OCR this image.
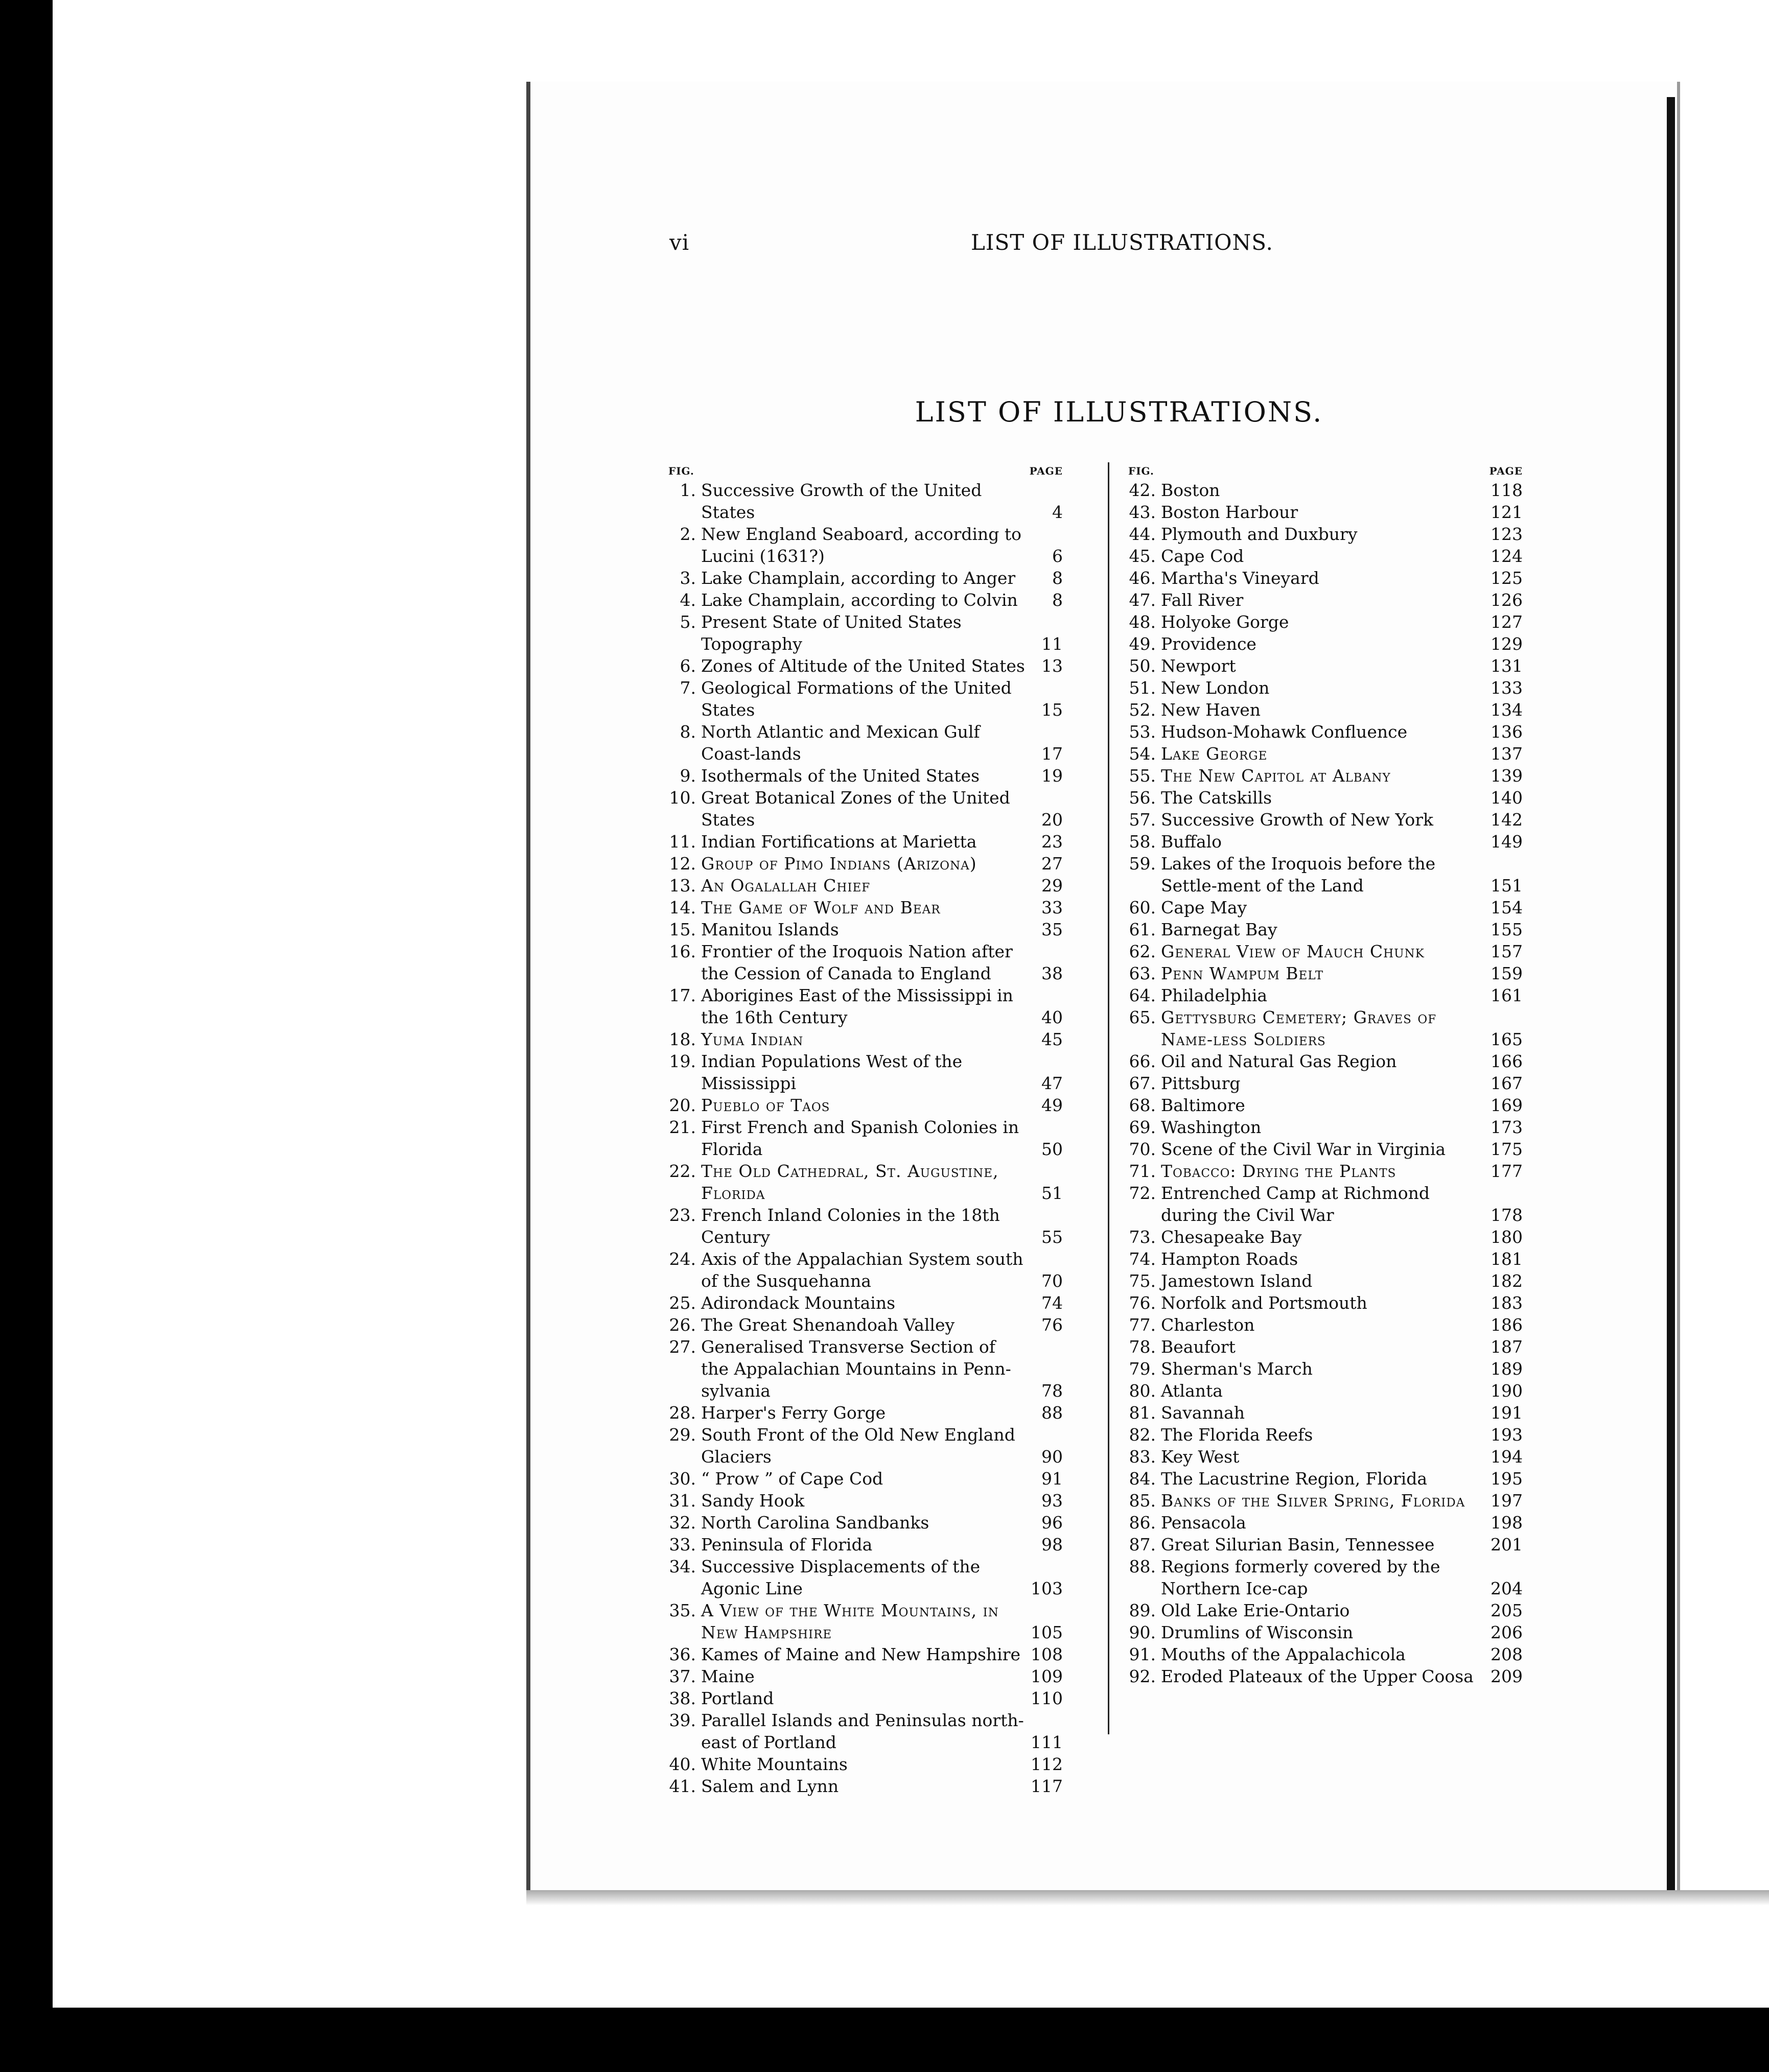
vi	LIST OF ILLUSTRATIONS.
LIST OF ILLUSTRATIONS.
FIG.	PAGE
1. Successive Growth of the United States	4
2. New England Seaboard, according to Lucini (1631?)	6
3. Lake Champlain, according to Anger	8
4. Lake Champlain, according to Colvin	8
5. Present State of United States Topography	11
6. Zones of Altitude of the United States 13
7. Geological Formations of the United States	15
8. North Atlantic and Mexican Gulf Coast-lands	17
9. Isothermals of the United States	19
10. Great Botanical Zones of the United States	20
11. Indian Fortifications at Marietta	23
12. Group of Pimo Indians (Arizona)	27
13. An Ogalallah Chief	29
14. The Game of Wolf and Bear	33
15. Manitou Islands	35
16. Frontier of the Iroquois Nation after the Cession of Canada to England	38
17. Aborigines East of the Mississippi in the 16th Century	40
18. Yuma Indian	45
19. Indian Populations West of the Mississippi	47
20. Pueblo of Taos	49
21. First French and Spanish Colonies in Florida	50
22. The Old Cathedral, St. Augustine, Florida	51
23. French Inland Colonies in the 18th Century	55
24. Axis of the Appalachian System south of the Susquehanna	70
25. Adirondack Mountains	74
26. The Great Shenandoah Valley	76
27. Generalised Transverse Section of the Appalachian Mountains in Penn-sylvania	78
28. Harper's Ferry Gorge	88
29. South Front of the Old New England Glaciers	90
30. “ Prow ” of Cape Cod	91
31. Sandy Hook	93
32. North Carolina Sandbanks	96
33. Peninsula of Florida	98
34. Successive Displacements of the Agonic Line	103
35. A View of the White Mountains, in New Hampshire	105
36. Kames of Maine and New Hampshire 108
37. Maine	109
38. Portland	110
39. Parallel Islands and Peninsulas north-east of Portland	111
40. White Mountains	112
41. Salem and Lynn	117
FIG.	PAGE
42. Boston	118
43. Boston Harbour	121
44. Plymouth and Duxbury	123
45. Cape Cod	124
46. Martha's Vineyard	125
47. Fall River	126
48. Holyoke Gorge	127
49. Providence	129
50. Newport	131
51. New London	133
52. New Haven	134
53. Hudson-Mohawk Confluence	136
54. Lake George	137
55. The New Capitol at Albany	139
56. The Catskills	140
57. Successive Growth of New York	142
58. Buffalo	149
59. Lakes of the Iroquois before the Settle-ment of the Land	151
60. Cape May	154
61. Barnegat Bay	155
62. General View of Mauch Chunk	157
63. Penn Wampum Belt	159
64. Philadelphia	161
65. Gettysburg Cemetery; Graves of Name-less Soldiers	165
66. Oil and Natural Gas Region	166
67. Pittsburg	167
68. Baltimore	169
69. Washington	173
70. Scene of the Civil War in Virginia	175
71. Tobacco: Drying the Plants	177
72. Entrenched Camp at Richmond during the Civil War	178
73. Chesapeake Bay	180
74. Hampton Roads	181
75. Jamestown Island	182
76. Norfolk and Portsmouth	183
77. Charleston	186
78. Beaufort	187
79. Sherman's March	189
80. Atlanta	190
81. Savannah	191
82. The Florida Reefs	193
83. Key West	194
84. The Lacustrine Region, Florida	195
85. Banks of the Silver Spring, Florida	197
86. Pensacola	198
87. Great Silurian Basin, Tennessee	201
88. Regions formerly covered by the Northern Ice-cap	204
89. Old Lake Erie-Ontario	205
90. Drumlins of Wisconsin	206
91. Mouths of the Appalachicola	208
92. Eroded Plateaux of the Upper Coosa	209
